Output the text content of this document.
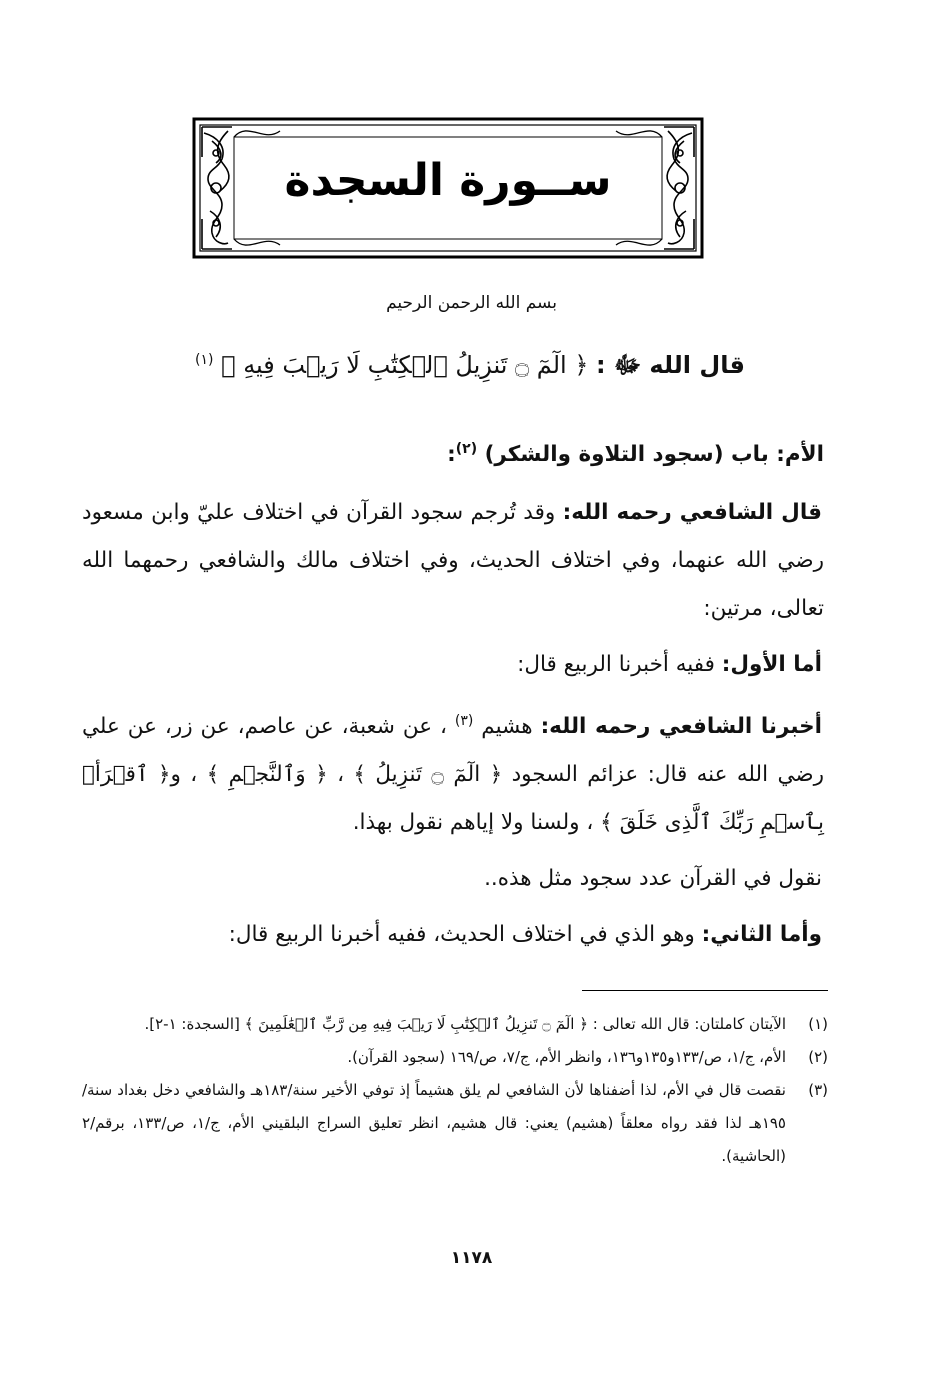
ســورة السجدة
بسم الله الرحمن الرحيم
قال الله ﷻ : ﴿ الٓمٓ ۝ تَنزِيلُ ٱلۡكِتَٰبِ لَا رَيۡبَ فِيهِ ﴾ $^{(١)}$

الأم: باب (سجود التلاوة والشكر) $^{(٢)}$:

قال الشافعي رحمه الله: وقد تُرجم سجود القرآن في اختلاف عليّ وابن مسعود رضي الله عنهما، وفي اختلاف الحديث، وفي اختلاف مالك والشافعي رحمهما الله تعالى، مرتين:

أما الأول: ففيه أخبرنا الربيع قال:

أخبرنا الشافعي رحمه الله: هشيم $^{(٣)}$ ، عن شعبة، عن عاصم، عن زر، عن علي رضي الله عنه قال: عزائم السجود ﴿ الٓمٓ ۝ تَنزِيلُ ﴾ ، ﴿ وَٱلنَّجۡمِ ﴾ ، و﴿ ٱقۡرَأۡ بِٱسۡمِ رَبِّكَ ٱلَّذِى خَلَقَ ﴾ ، ولسنا ولا إياهم نقول بهذا.

نقول في القرآن عدد سجود مثل هذه..

وأما الثاني: وهو الذي في اختلاف الحديث، ففيه أخبرنا الربيع قال:

(١)
الآيتان كاملتان: قال الله تعالى : ﴿ الٓمٓ ۝ تَنزِيلُ ٱلۡكِتَٰبِ لَا رَيۡبَ فِيهِ مِن رَّبِّ ٱلۡعَٰلَمِينَ ﴾ [السجدة: ١-٢].
(٢)
الأم، ج/١، ص/١٣٣و١٣٥و١٣٦، وانظر الأم، ج/٧، ص/١٦٩ (سجود القرآن).
(٣)
نقصت قال في الأم، لذا أضفناها لأن الشافعي لم يلق هشيماً إذ توفي الأخير سنة/١٨٣هـ والشافعي دخل بغداد سنة/١٩٥هـ لذا فقد رواه معلقاً (هشيم) يعني: قال هشيم، انظر تعليق السراج البلقيني الأم، ج/١، ص/١٣٣، برقم/٢ (الحاشية).
١١٧٨
